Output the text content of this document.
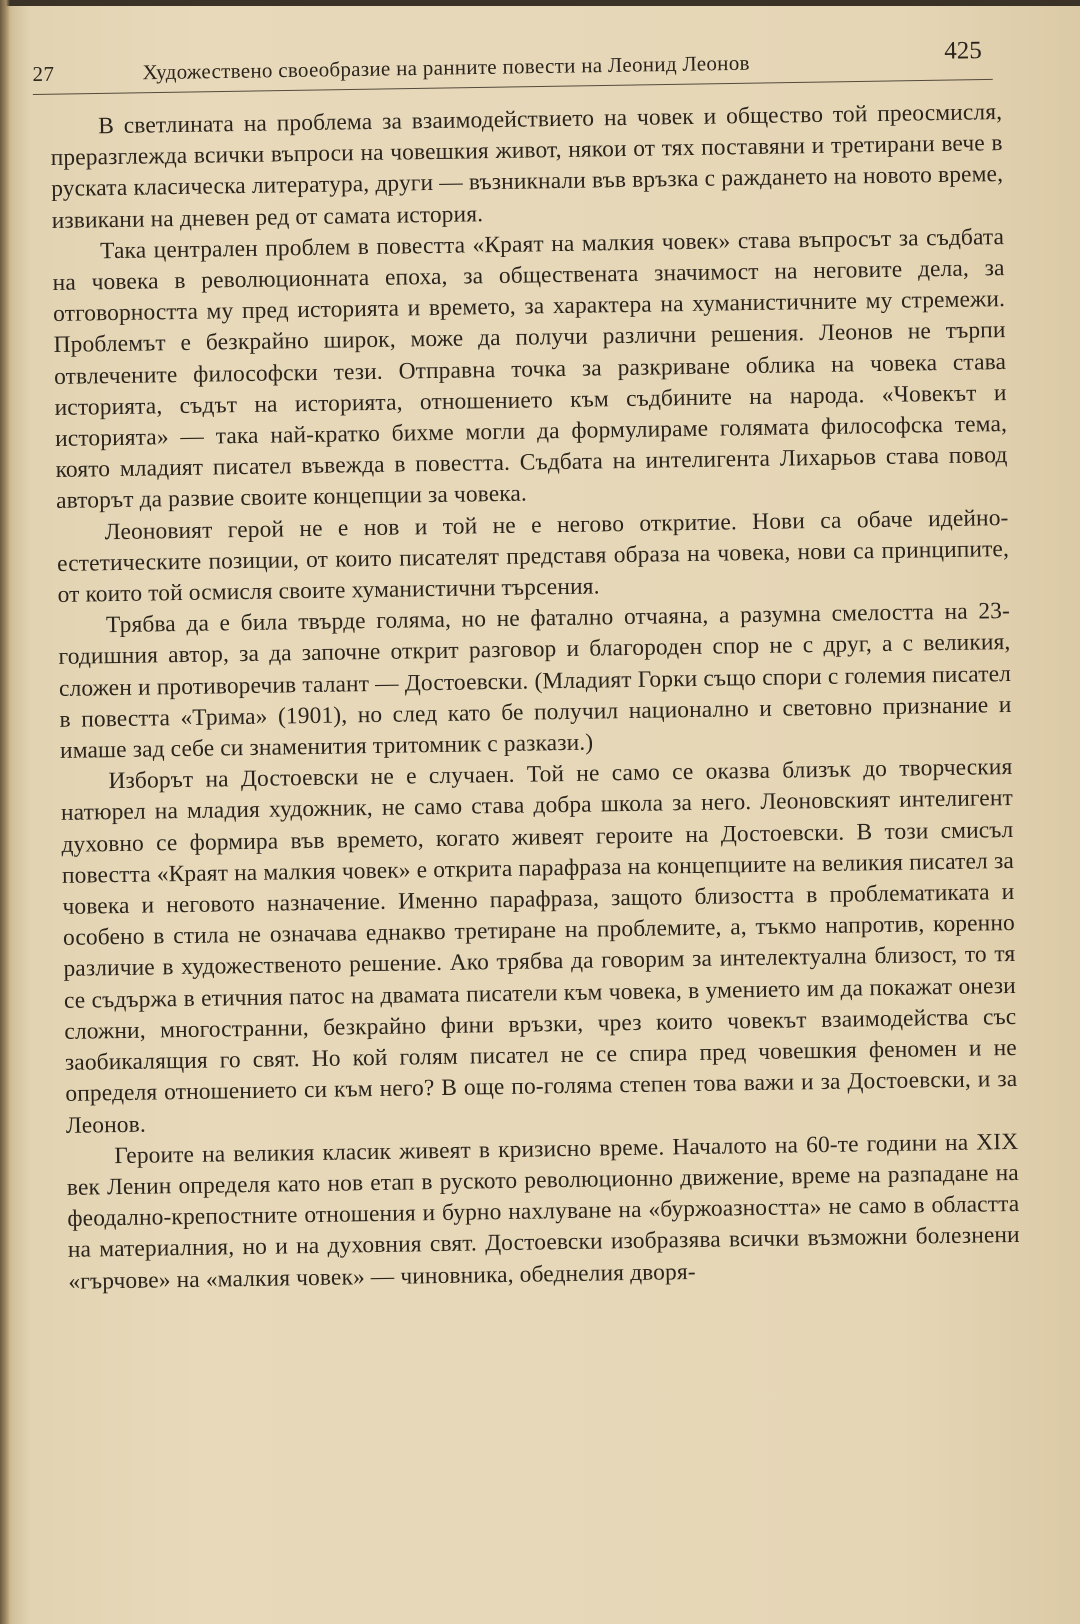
27	Художествено своеобразие на ранните повести на Леонид Леонов	425

В светлината на проблема за взаимодействието на човек и общество той преосмисля, преразглежда всички въпроси на човешкия живот, някои от тях поставяни и третирани вече в руската класическа литература, други — възникнали във връзка с раждането на новото време, извикани на дневен ред от самата история.

Така централен проблем в повестта «Краят на малкия човек» става въпросът за съдбата на човека в революционната епоха, за обществената значимост на неговите дела, за отговорността му пред историята и времето, за характера на хуманистичните му стремежи. Проблемът е безкрайно широк, може да получи различни решения. Леонов не търпи отвлечените философски тези. Отправна точка за разкриване облика на човека става историята, съдът на историята, отношението към съдбините на народа. «Човекът и историята» — така най-кратко бихме могли да формулираме голямата философска тема, която младият писател въвежда в повестта. Съдбата на интелигента Лихарьов става повод авторът да развие своите концепции за човека.

Леоновият герой не е нов и той не е негово откритие. Нови са обаче идейно-естетическите позиции, от които писателят представя образа на човека, нови са принципите, от които той осмисля своите хуманистични търсения.

Трябва да е била твърде голяма, но не фатално отчаяна, а разумна смелостта на 23-годишния автор, за да започне открит разговор и благороден спор не с друг, а с великия, сложен и противоречив талант — Достоевски. (Младият Горки също спори с големия писател в повестта «Трима» (1901), но след като бе получил национално и световно признание и имаше зад себе си знаменития тритомник с разкази.)

Изборът на Достоевски не е случаен. Той не само се оказва близък до творческия натюрел на младия художник, не само става добра школа за него. Леоновският интелигент духовно се формира във времето, когато живеят героите на Достоевски. В този смисъл повестта «Краят на малкия човек» е открита парафраза на концепциите на великия писател за човека и неговото назначение. Именно парафраза, защото близостта в проблематиката и особено в стила не означава еднакво третиране на проблемите, а, тъкмо напротив, коренно различие в художественото решение. Ако трябва да говорим за интелектуална близост, то тя се съдържа в етичния патос на двамата писатели към човека, в умението им да покажат онези сложни, многостранни, безкрайно фини връзки, чрез които човекът взаимодейства със заобикалящия го свят. Но кой голям писател не се спира пред човешкия феномен и не определя отношението си към него? В още по-голяма степен това важи и за Достоевски, и за Леонов.

Героите на великия класик живеят в кризисно време. Началото на 60-те години на XIX век Ленин определя като нов етап в руското революционно движение, време на разпадане на феодално-крепостните отношения и бурно нахлуване на «буржоазността» не само в областта на материалния, но и на духовния свят. Достоевски изобразява всички възможни болезнени «гърчове» на «малкия човек» — чиновника, обеднелия дворя-
